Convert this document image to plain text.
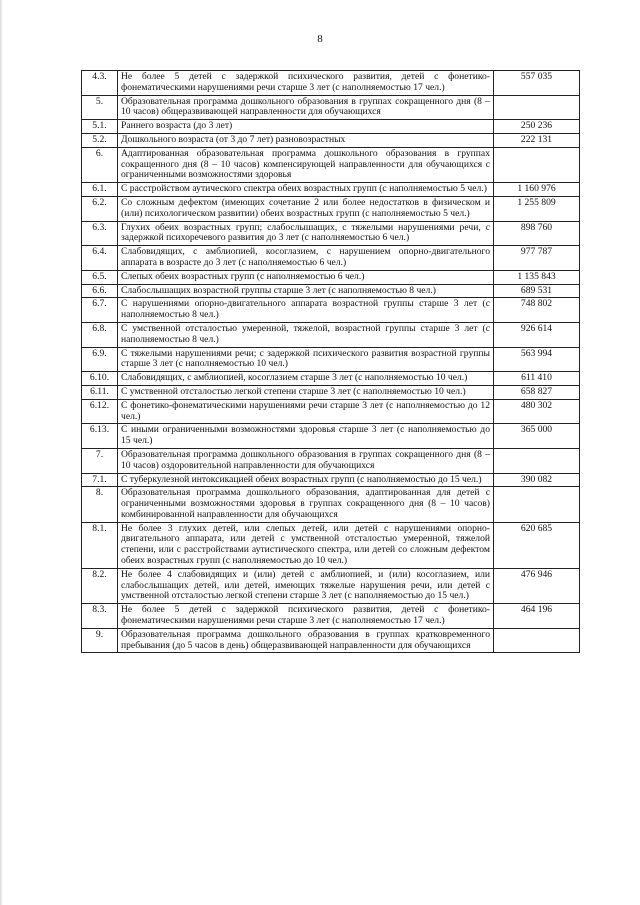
8
4.3.	Не более 5 детей с задержкой психического развития, детей с фонетико-фонематическими нарушениями речи старше 3 лет (с наполняемостью 17 чел.)	557 035
5.	Образовательная программа дошкольного образования в группах сокращенного дня (8 – 10 часов) общеразвивающей направленности для обучающихся	
5.1.	Раннего возраста (до 3 лет)	250 236
5.2.	Дошкольного возраста (от 3 до 7 лет) разновозрастных	222 131
6.	Адаптированная образовательная программа дошкольного образования в группах сокращенного дня (8 – 10 часов) компенсирующей направленности для обучающихся с ограниченными возможностями здоровья	
6.1.	С расстройством аутического спектра обеих возрастных групп (с наполняемостью 5 чел.)	1 160 976
6.2.	Со сложным дефектом (имеющих сочетание 2 или более недостатков в физическом и (или) психологическом развитии) обеих возрастных групп (с наполняемостью 5 чел.)	1 255 809
6.3.	Глухих обеих возрастных групп; слабослышащих, с тяжелыми нарушениями речи, с задержкой психоречевого развития до 3 лет (с наполняемостью 6 чел.)	898 760
6.4.	Слабовидящих, с амблиопией, косоглазием, с нарушением опорно-двигательного аппарата в возрасте до 3 лет (с наполняемостью 6 чел.)	977 787
6.5.	Слепых обеих возрастных групп (с наполняемостью 6 чел.)	1 135 843
6.6.	Слабослышащих возрастной группы старше 3 лет (с наполняемостью 8 чел.)	689 531
6.7.	С нарушениями опорно-двигательного аппарата возрастной группы старше 3 лет (с наполняемостью 8 чел.)	748 802
6.8.	С умственной отсталостью умеренной, тяжелой, возрастной группы старше 3 лет (с наполняемостью 8 чел.)	926 614
6.9.	С тяжелыми нарушениями речи; с задержкой психического развития возрастной группы старше 3 лет (с наполняемостью 10 чел.)	563 994
6.10.	Слабовидящих, с амблиопией, косоглазием старше 3 лет (с наполняемостью 10 чел.)	611 410
6.11.	С умственной отсталостью легкой степени старше 3 лет (с наполняемостью 10 чел.)	658 827
6.12.	С фонетико-фонематическими нарушениями речи старше 3 лет (с наполняемостью до 12 чел.)	480 302
6.13.	С иными ограниченными возможностями здоровья старше 3 лет (с наполняемостью до 15 чел.)	365 000
7.	Образовательная программа дошкольного образования в группах сокращенного дня (8 – 10 часов) оздоровительной направленности для обучающихся	
7.1.	С туберкулезной интоксикацией обеих возрастных групп (с наполняемостью до 15 чел.)	390 082
8.	Образовательная программа дошкольного образования, адаптированная для детей с ограниченными возможностями здоровья в группах сокращенного дня (8 – 10 часов) комбинированной направленности для обучающихся	
8.1.	Не более 3 глухих детей, или слепых детей, или детей с нарушениями опорно-двигательного аппарата, или детей с умственной отсталостью умеренной, тяжелой степени, или с расстройствами аутистического спектра, или детей со сложным дефектом обеих возрастных групп (с наполняемостью до 10 чел.)	620 685
8.2.	Не более 4 слабовидящих и (или) детей с амблиопией, и (или) косоглазием, или слабослышащих детей, или детей, имеющих тяжелые нарушения речи, или детей с умственной отсталостью легкой степени старше 3 лет (с наполняемостью до 15 чел.)	476 946
8.3.	Не более 5 детей с задержкой психического развития, детей с фонетико-фонематическими нарушениями речи старше 3 лет (с наполняемостью 17 чел.)	464 196
9.	Образовательная программа дошкольного образования в группах кратковременного пребывания (до 5 часов в день) общеразвивающей направленности для обучающихся	
